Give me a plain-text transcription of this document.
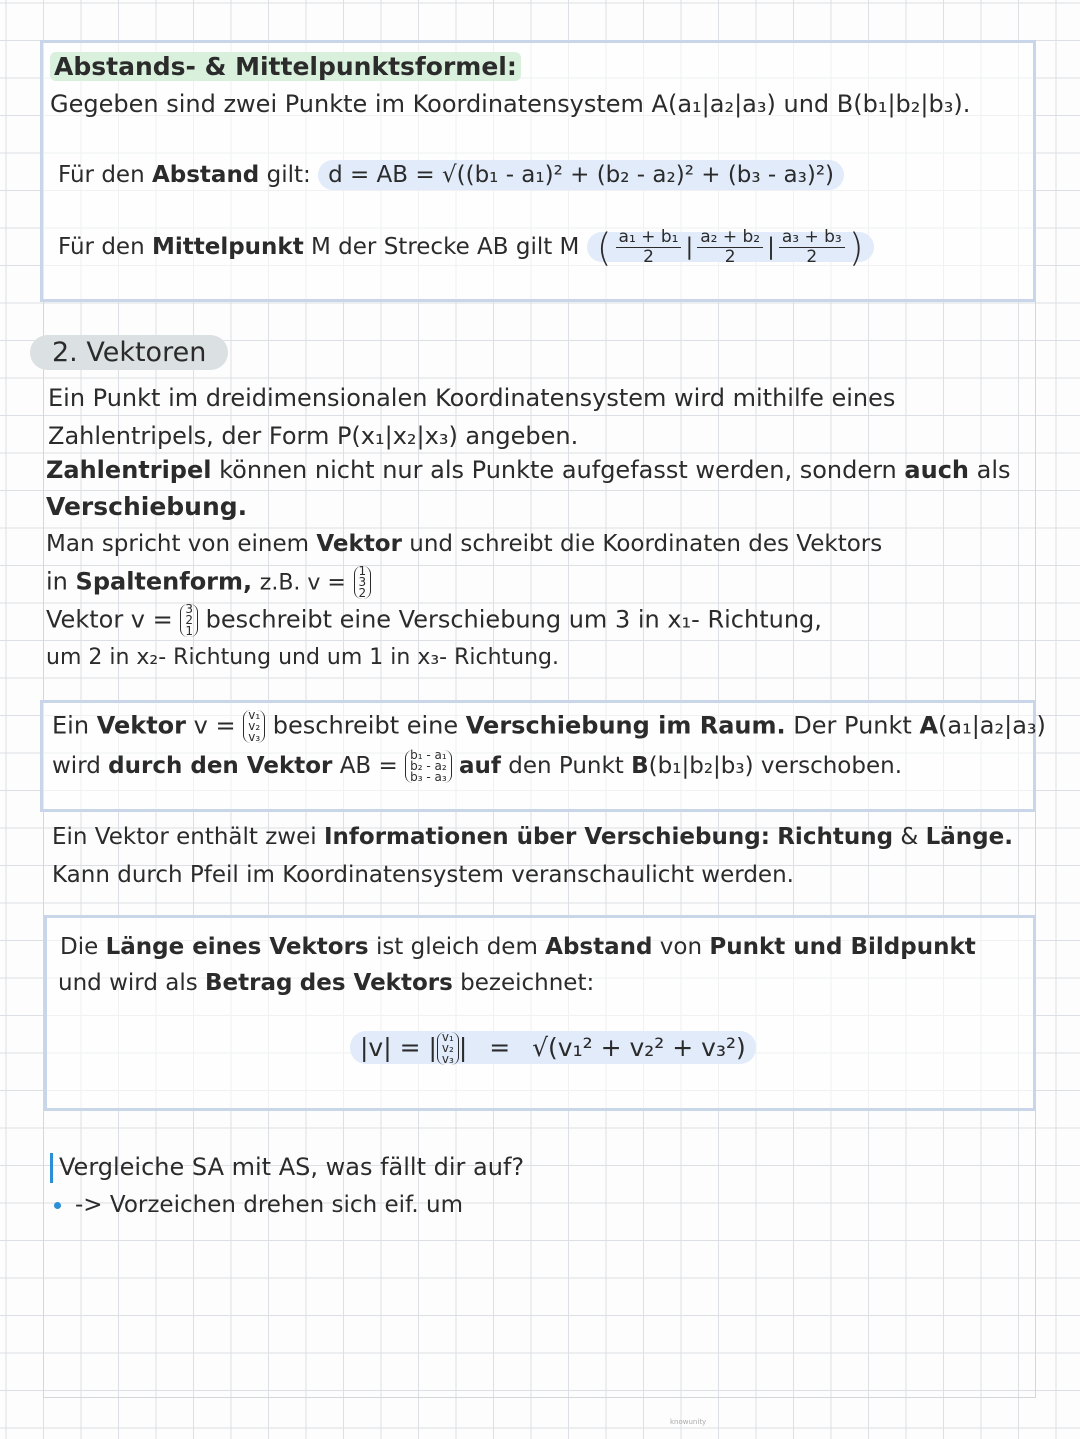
Abstands- & Mittelpunktsformel:
Gegeben sind zwei Punkte im Koordinatensystem A(a₁|a₂|a₃) und B(b₁|b₂|b₃).
Für den Abstand gilt: d = AB = √((b₁ - a₁)² + (b₂ - a₂)² + (b₃ - a₃)²)
Für den Mittelpunkt M der Strecke AB gilt M ( $\frac{\text{a₁ + b₁}}{2}$ | $\frac{\text{a₂ + b₂}}{2}$ | $\frac{\text{a₃ + b₃}}{2}$ )
2. Vektoren
Ein Punkt im dreidimensionalen Koordinatensystem wird mithilfe eines
Zahlentripels, der Form P(x₁|x₂|x₃) angeben.
Zahlentripel können nicht nur als Punkte aufgefasst werden, sondern auch als
Verschiebung.
Man spricht von einem Vektor und schreibt die Koordinaten des Vektors
in Spaltenform, z.B. v = 1
3
2
Vektor v = 3
2
1 beschreibt eine Verschiebung um 3 in x₁- Richtung,
um 2 in x₂- Richtung und um 1 in x₃- Richtung.
Ein Vektor v = v₁
v₂
v₃ beschreibt eine Verschiebung im Raum. Der Punkt A(a₁|a₂|a₃)
wird durch den Vektor AB = b₁ - a₁
b₂ - a₂
b₃ - a₃ auf den Punkt B(b₁|b₂|b₃) verschoben.
Ein Vektor enthält zwei Informationen über Verschiebung: Richtung & Länge.
Kann durch Pfeil im Koordinatensystem veranschaulicht werden.
Die Länge eines Vektors ist gleich dem Abstand von Punkt und Bildpunkt
und wird als Betrag des Vektors bezeichnet:
|v| = | v₁
v₂
v₃ | = √(v₁² + v₂² + v₃²)
Vergleiche SA mit AS, was fällt dir auf?
-> Vorzeichen drehen sich eif. um
knowunity
